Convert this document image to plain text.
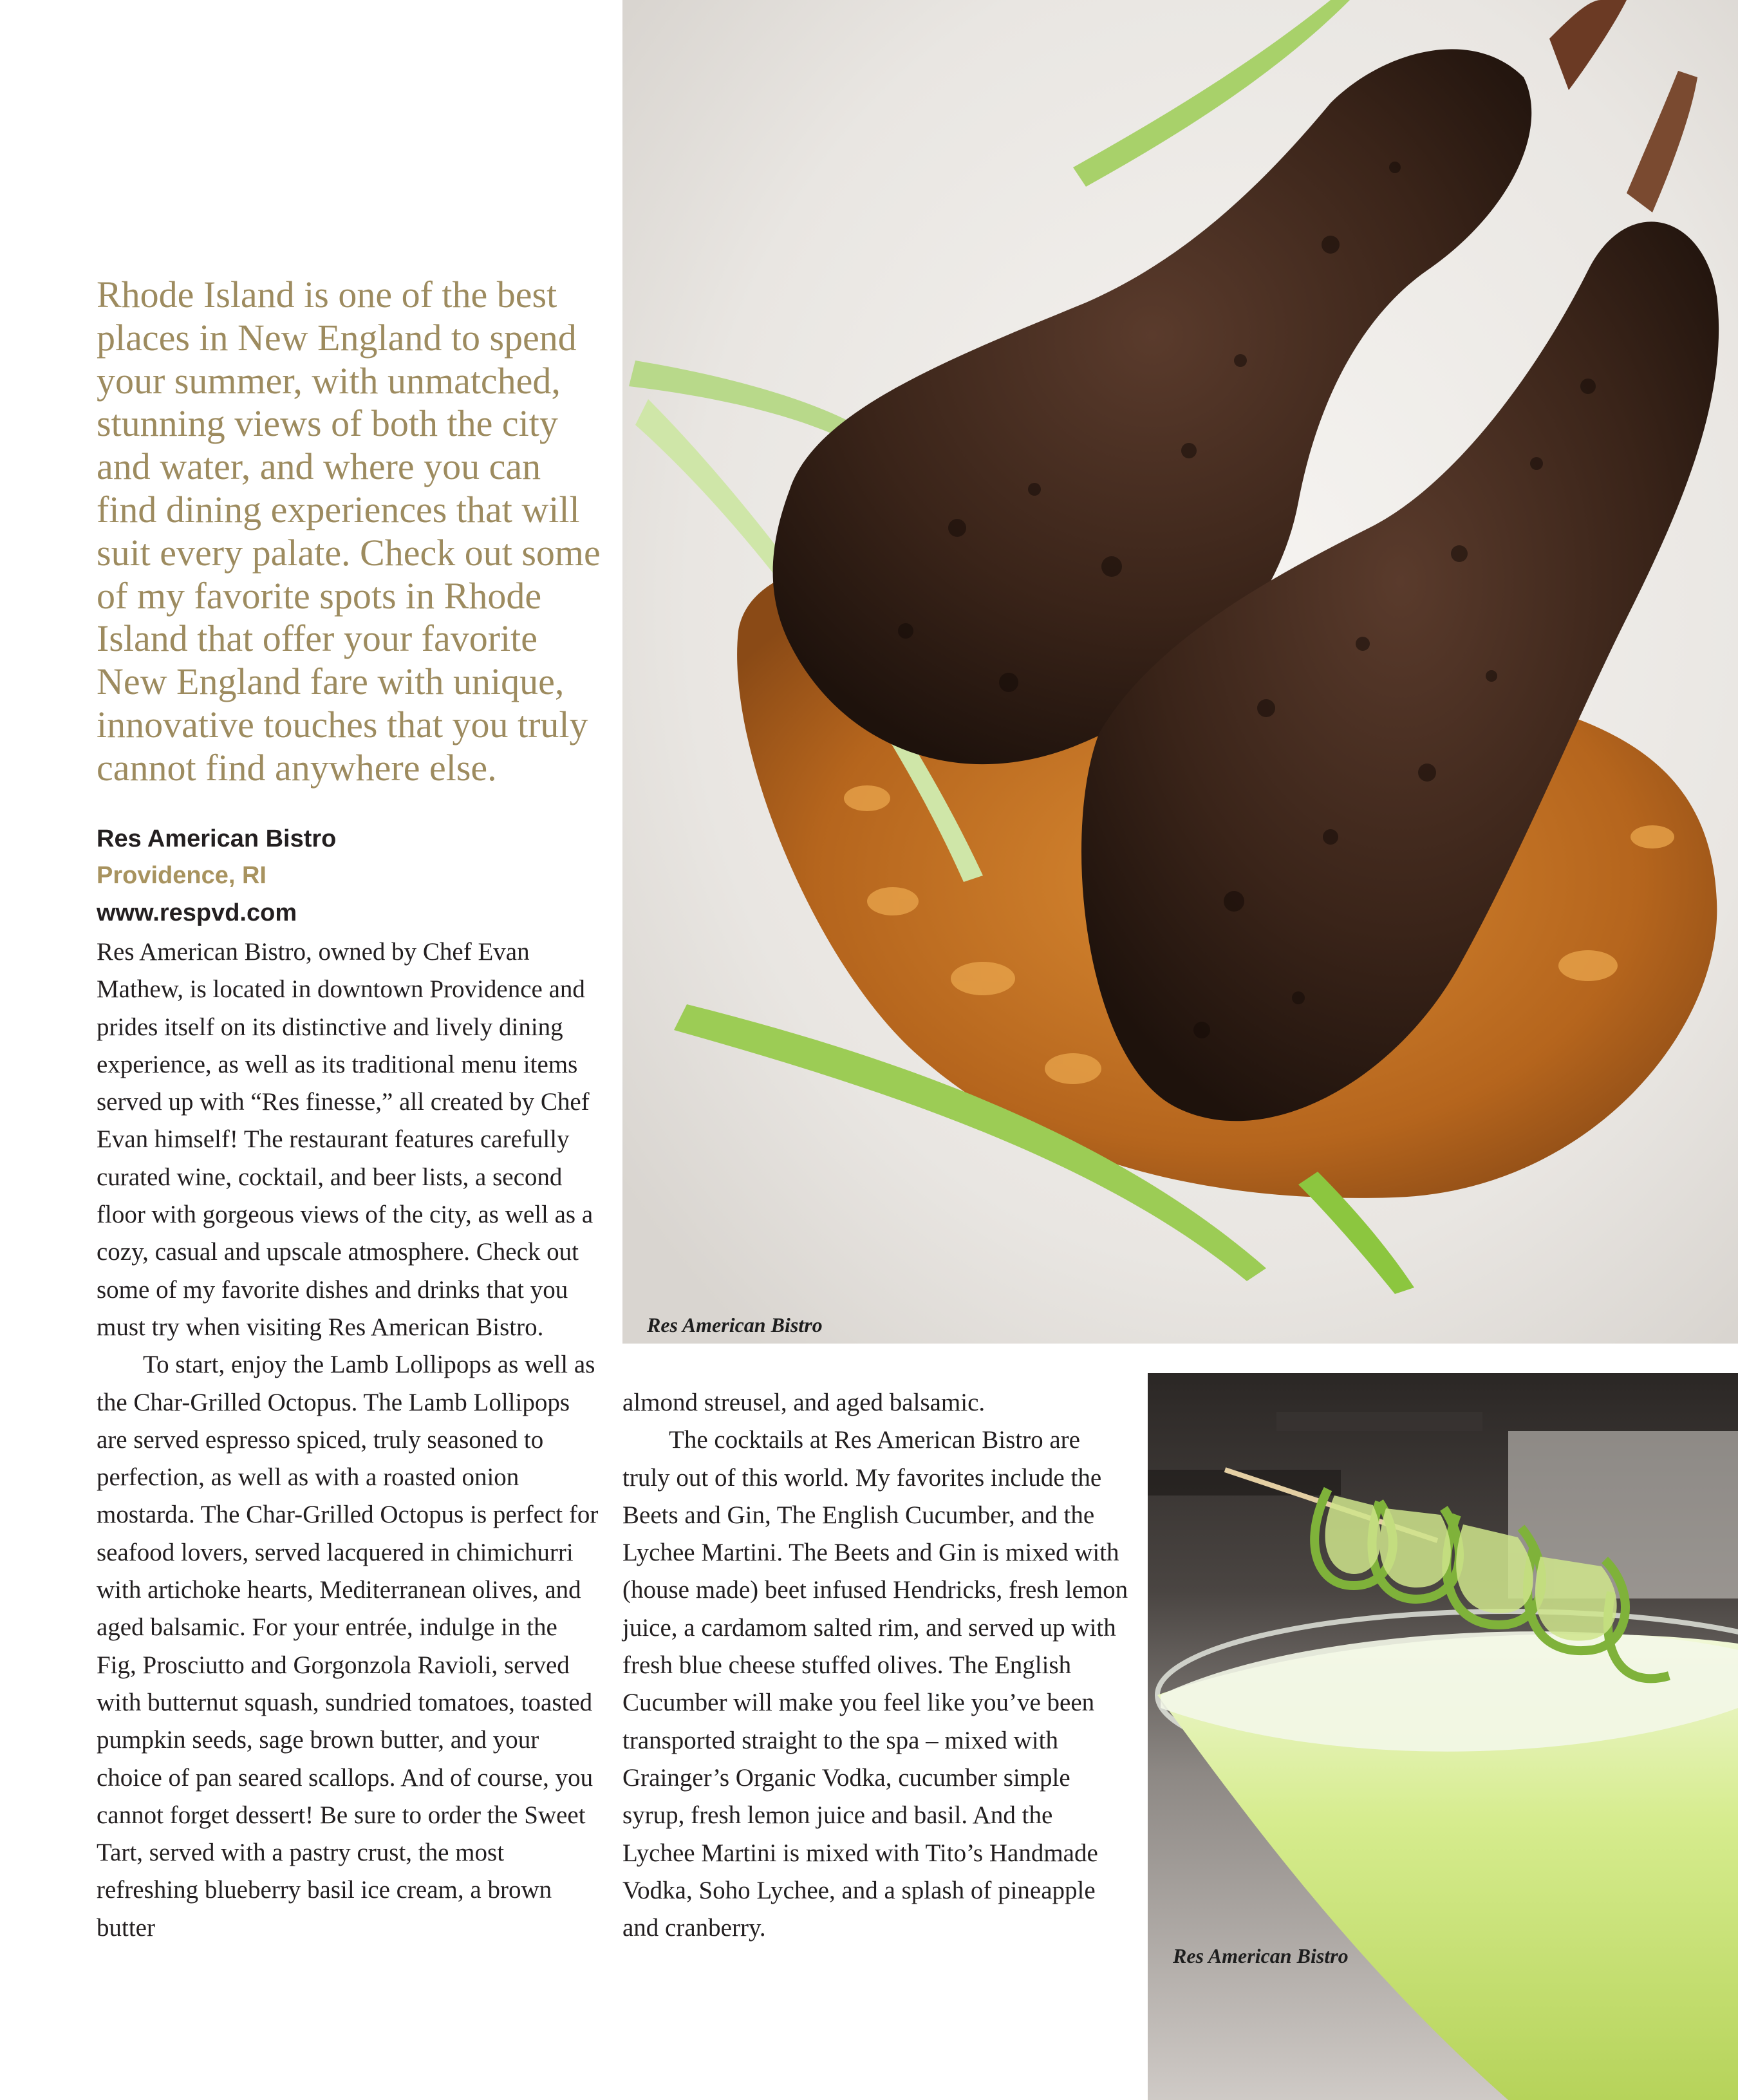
Rhode Island is one of the best places in New England to spend your summer, with unmatched, stunning views of both the city and water, and where you can find dining experiences that will suit every palate. Check out some of my favorite spots in Rhode Island that offer your favorite New England fare with unique, innovative touches that you truly cannot find anywhere else.

Res American Bistro
Providence, RI
www.respvd.com

Res American Bistro, owned by Chef Evan Mathew, is located in downtown Providence and prides itself on its distinctive and lively dining experience, as well as its traditional menu items served up with “Res finesse,” all created by Chef Evan himself! The restaurant features carefully curated wine, cocktail, and beer lists, a second floor with gorgeous views of the city, as well as a cozy, casual and upscale atmosphere. Check out some of my favorite dishes and drinks that you must try when visiting Res American Bistro.

To start, enjoy the Lamb Lollipops as well as the Char-Grilled Octopus. The Lamb Lollipops are served espresso spiced, truly seasoned to perfection, as well as with a roasted onion mostarda. The Char-Grilled Octopus is perfect for seafood lovers, served lacquered in chimichurri with artichoke hearts, Mediterranean olives, and aged balsamic. For your entrée, indulge in the Fig, Prosciutto and Gorgonzola Ravioli, served with butternut squash, sundried tomatoes, toasted pumpkin seeds, sage brown butter, and your choice of pan seared scallops. And of course, you cannot forget dessert! Be sure to order the Sweet Tart, served with a pastry crust, the most refreshing blueberry basil ice cream, a brown butter

almond streusel, and aged balsamic.

The cocktails at Res American Bistro are truly out of this world. My favorites include the Beets and Gin, The English Cucumber, and the Lychee Martini. The Beets and Gin is mixed with (house made) beet infused Hendricks, fresh lemon juice, a cardamom salted rim, and served up with fresh blue cheese stuffed olives. The English Cucumber will make you feel like you’ve been transported straight to the spa – mixed with Grainger’s Organic Vodka, cucumber simple syrup, fresh lemon juice and basil. And the Lychee Martini is mixed with Tito’s Handmade Vodka, Soho Lychee, and a splash of pineapple and cranberry.

Res American Bistro

Res American Bistro
